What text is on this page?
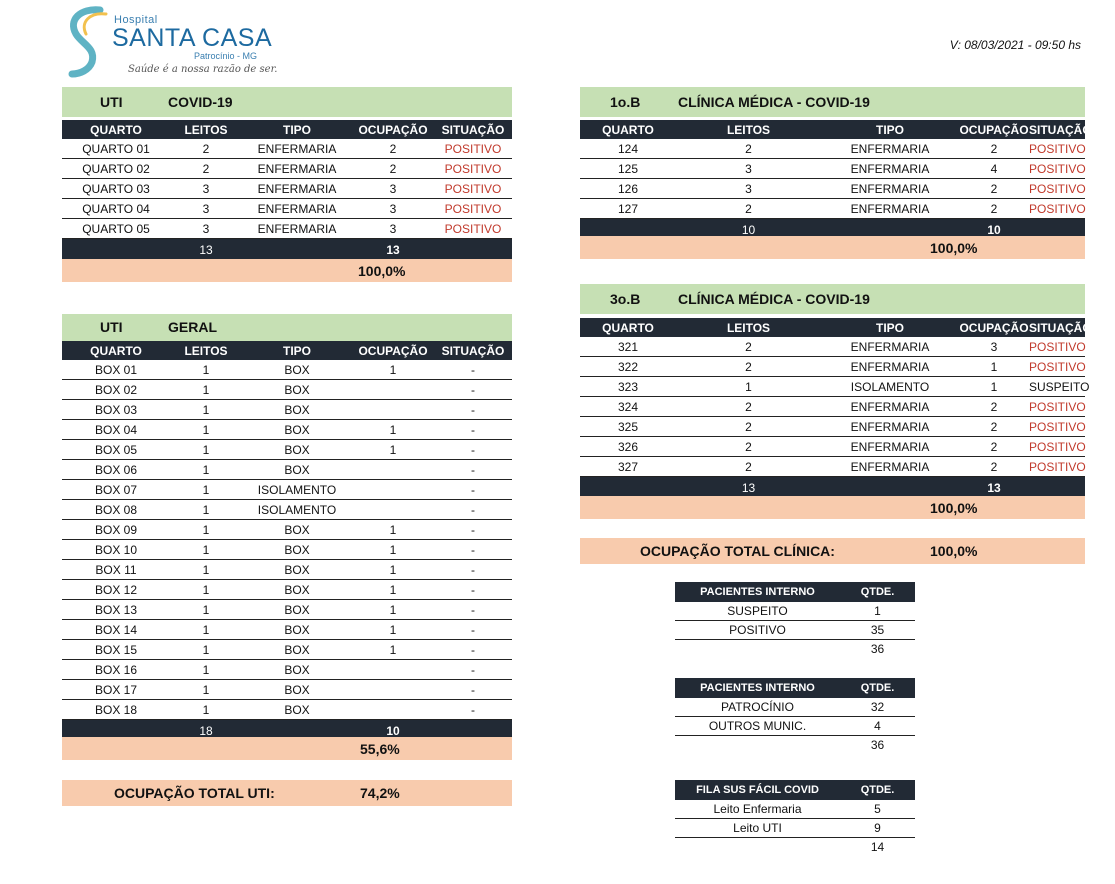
Hospital
SANTA CASA
Patrocínio - MG
Saúde é a nossa razão de ser.
V: 08/03/2021 - 09:50 hs
UTI	COVID-19
QUARTO	LEITOS	TIPO	OCUPAÇÃO	SITUAÇÃO
QUARTO 01	2	ENFERMARIA	2	POSITIVO
QUARTO 02	2	ENFERMARIA	2	POSITIVO
QUARTO 03	3	ENFERMARIA	3	POSITIVO
QUARTO 04	3	ENFERMARIA	3	POSITIVO
QUARTO 05	3	ENFERMARIA	3	POSITIVO
	13		13	
100,0%
UTI	GERAL
QUARTO	LEITOS	TIPO	OCUPAÇÃO	SITUAÇÃO
BOX 01	1	BOX	1	-
BOX 02	1	BOX		-
BOX 03	1	BOX		-
BOX 04	1	BOX	1	-
BOX 05	1	BOX	1	-
BOX 06	1	BOX		-
BOX 07	1	ISOLAMENTO		-
BOX 08	1	ISOLAMENTO		-
BOX 09	1	BOX	1	-
BOX 10	1	BOX	1	-
BOX 11	1	BOX	1	-
BOX 12	1	BOX	1	-
BOX 13	1	BOX	1	-
BOX 14	1	BOX	1	-
BOX 15	1	BOX	1	-
BOX 16	1	BOX		-
BOX 17	1	BOX		-
BOX 18	1	BOX		-
	18		10	
55,6%
OCUPAÇÃO TOTAL UTI:	74,2%
1o.B	CLÍNICA MÉDICA - COVID-19
QUARTO	LEITOS	TIPO	OCUPAÇÃO	SITUAÇÃO
124	2	ENFERMARIA	2	POSITIVO
125	3	ENFERMARIA	4	POSITIVO
126	3	ENFERMARIA	2	POSITIVO
127	2	ENFERMARIA	2	POSITIVO
	10		10	
100,0%
3o.B	CLÍNICA MÉDICA - COVID-19
QUARTO	LEITOS	TIPO	OCUPAÇÃO	SITUAÇÃO
321	2	ENFERMARIA	3	POSITIVO
322	2	ENFERMARIA	1	POSITIVO
323	1	ISOLAMENTO	1	SUSPEITO
324	2	ENFERMARIA	2	POSITIVO
325	2	ENFERMARIA	2	POSITIVO
326	2	ENFERMARIA	2	POSITIVO
327	2	ENFERMARIA	2	POSITIVO
	13		13	
100,0%
OCUPAÇÃO TOTAL CLÍNICA:	100,0%
PACIENTES INTERNO	QTDE.
SUSPEITO	1
POSITIVO	35
	36
PACIENTES INTERNO	QTDE.
PATROCÍNIO	32
OUTROS MUNIC.	4
	36
FILA SUS FÁCIL COVID	QTDE.
Leito Enfermaria	5
Leito UTI	9
	14
